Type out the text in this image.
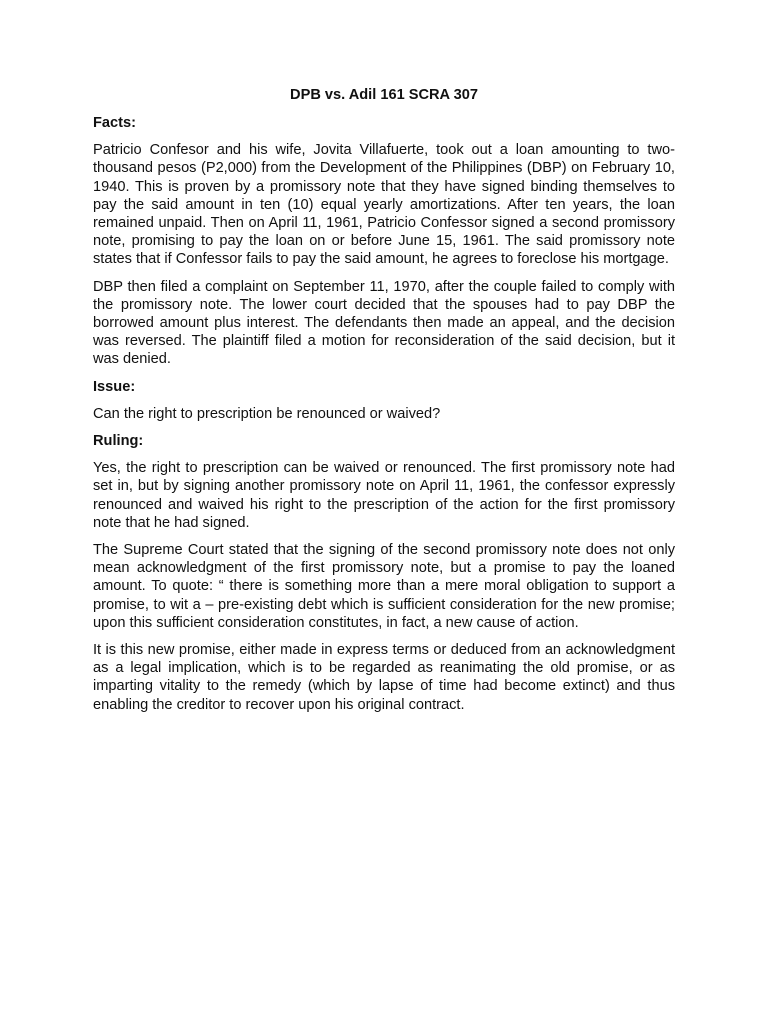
DPB vs. Adil 161 SCRA 307
Facts:

Patricio Confesor and his wife, Jovita Villafuerte, took out a loan amounting to two-thousand pesos (P2,000) from the Development of the Philippines (DBP) on February 10, 1940. This is proven by a promissory note that they have signed binding themselves to pay the said amount in ten (10) equal yearly amortizations. After ten years, the loan remained unpaid. Then on April 11, 1961, Patricio Confessor signed a second promissory note, promising to pay the loan on or before June 15, 1961. The said promissory note states that if Confessor fails to pay the said amount, he agrees to foreclose his mortgage.

DBP then filed a complaint on September 11, 1970, after the couple failed to comply with the promissory note. The lower court decided that the spouses had to pay DBP the borrowed amount plus interest. The defendants then made an appeal, and the decision was reversed. The plaintiff filed a motion for reconsideration of the said decision, but it was denied.

Issue:

Can the right to prescription be renounced or waived?

Ruling:

Yes, the right to prescription can be waived or renounced. The first promissory note had set in, but by signing another promissory note on April 11, 1961, the confessor expressly renounced and waived his right to the prescription of the action for the first promissory note that he had signed.

The Supreme Court stated that the signing of the second promissory note does not only mean acknowledgment of the first promissory note, but a promise to pay the loaned amount. To quote: “ there is something more than a mere moral obligation to support a promise, to wit a – pre-existing debt which is sufficient consideration for the new promise; upon this sufficient consideration constitutes, in fact, a new cause of action.

It is this new promise, either made in express terms or deduced from an acknowledgment as a legal implication, which is to be regarded as reanimating the old promise, or as imparting vitality to the remedy (which by lapse of time had become extinct) and thus enabling the creditor to recover upon his original contract.
